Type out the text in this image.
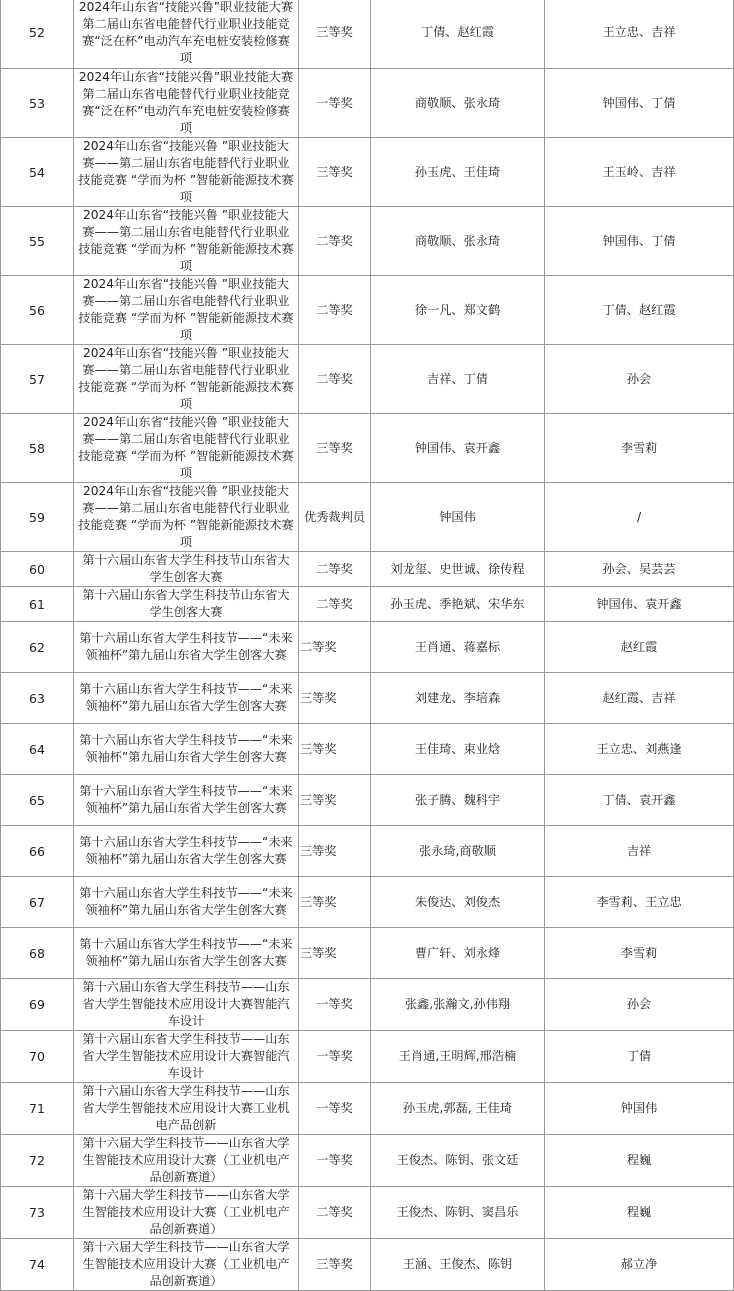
52	2024年山东省“技能兴鲁”职业技能大赛第二届山东省电能替代行业职业技能竞赛“泛在杯”电动汽车充电桩安装检修赛项	三等奖	丁倩、赵红霞	王立忠、吉祥
53	2024年山东省“技能兴鲁”职业技能大赛第二届山东省电能替代行业职业技能竞赛“泛在杯”电动汽车充电桩安装检修赛项	一等奖	商敬顺、张永琦	钟国伟、丁倩
54	2024年山东省“技能兴鲁 ”职业技能大赛——第二届山东省电能替代行业职业技能竞赛 “学而为杯 ”智能新能源技术赛项	三等奖	孙玉虎、王佳琦	王玉岭、吉祥
55	2024年山东省“技能兴鲁 ”职业技能大赛——第二届山东省电能替代行业职业技能竞赛 “学而为杯 ”智能新能源技术赛项	二等奖	商敬顺、张永琦	钟国伟、丁倩
56	2024年山东省“技能兴鲁 ”职业技能大赛——第二届山东省电能替代行业职业技能竞赛 “学而为杯 ”智能新能源技术赛项	二等奖	徐一凡、郑文鹤	丁倩、赵红霞
57	2024年山东省“技能兴鲁 ”职业技能大赛——第二届山东省电能替代行业职业技能竞赛 “学而为杯 ”智能新能源技术赛项	二等奖	吉祥、丁倩	孙会
58	2024年山东省“技能兴鲁 ”职业技能大赛——第二届山东省电能替代行业职业技能竞赛 “学而为杯 ”智能新能源技术赛项	三等奖	钟国伟、袁开鑫	李雪莉
59	2024年山东省“技能兴鲁 ”职业技能大赛——第二届山东省电能替代行业职业技能竞赛 “学而为杯 ”智能新能源技术赛项	优秀裁判员	钟国伟	/
60	第十六届山东省大学生科技节山东省大学生创客大赛	二等奖	刘龙玺、史世诚、徐传程	孙会、吴芸芸
61	第十六届山东省大学生科技节山东省大学生创客大赛	二等奖	孙玉虎、季艳斌、宋华东	钟国伟、袁开鑫
62	第十六届山东省大学生科技节——“未来领袖杯”第九届山东省大学生创客大赛	二等奖	王肖通、蒋嘉标	赵红霞
63	第十六届山东省大学生科技节——“未来领袖杯”第九届山东省大学生创客大赛	三等奖	刘建龙、李培森	赵红霞、吉祥
64	第十六届山东省大学生科技节——“未来领袖杯”第九届山东省大学生创客大赛	三等奖	王佳琦、束业焓	王立忠、刘燕逢
65	第十六届山东省大学生科技节——“未来领袖杯”第九届山东省大学生创客大赛	三等奖	张子腾、魏科宇	丁倩、袁开鑫
66	第十六届山东省大学生科技节——“未来领袖杯”第九届山东省大学生创客大赛	三等奖	张永琦,商敬顺	吉祥
67	第十六届山东省大学生科技节——“未来领袖杯”第九届山东省大学生创客大赛	三等奖	朱俊达、刘俊杰	李雪莉、王立忠
68	第十六届山东省大学生科技节——“未来领袖杯”第九届山东省大学生创客大赛	三等奖	曹广轩、刘永烽	李雪莉
69	第十六届山东省大学生科技节——山东省大学生智能技术应用设计大赛智能汽车设计	一等奖	张鑫,张瀚文,孙伟翔	孙会
70	第十六届山东省大学生科技节——山东省大学生智能技术应用设计大赛智能汽车设计	一等奖	王肖通,王明辉,邢浩楠	丁倩
71	第十六届山东省大学生科技节——山东省大学生智能技术应用设计大赛工业机电产品创新	一等奖	孙玉虎,郭磊, 王佳琦	钟国伟
72	第十六届大学生科技节——山东省大学生智能技术应用设计大赛（工业机电产品创新赛道）	一等奖	王俊杰、陈钥、张文廷	程巍
73	第十六届大学生科技节——山东省大学生智能技术应用设计大赛（工业机电产品创新赛道）	二等奖	王俊杰、陈钥、窦昌乐	程巍
74	第十六届大学生科技节——山东省大学生智能技术应用设计大赛（工业机电产品创新赛道）	三等奖	王涵、王俊杰、陈钥	郝立净
